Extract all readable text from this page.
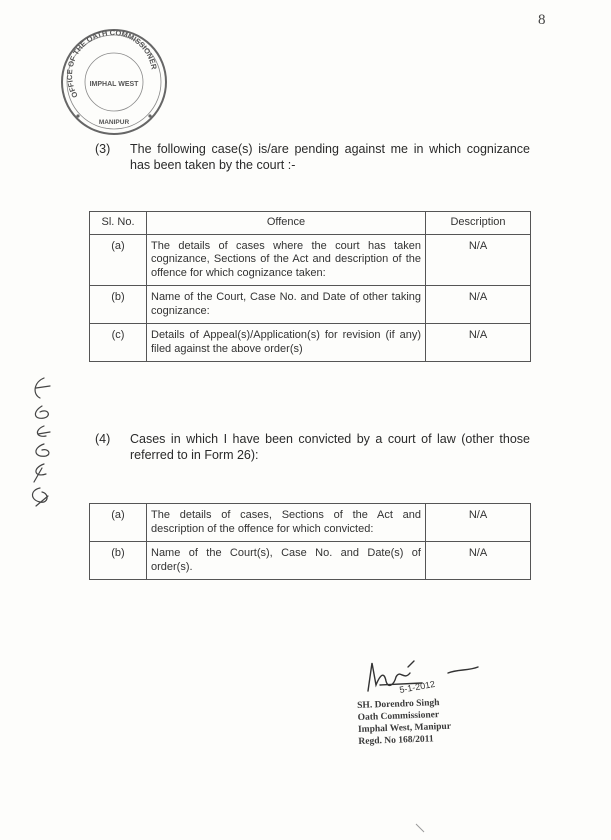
8
OFFICE OF THE OATH COMMISSIONER
IMPHAL WEST
MANIPUR
(3) The following case(s) is/are pending against me in which cognizance has been taken by the court :-
Sl. No.	Offence	Description
(a)	The details of cases where the court has taken cognizance, Sections of the Act and description of the offence for which cognizance taken:	N/A
(b)	Name of the Court, Case No. and Date of other taking cognizance:	N/A
(c)	Details of Appeal(s)/Application(s) for revision (if any) filed against the above order(s)	N/A
(4) Cases in which I have been convicted by a court of law (other those referred to in Form 26):
(a)	The details of cases, Sections of the Act and description of the offence for which convicted:	N/A
(b)	Name of the Court(s), Case No. and Date(s) of order(s).	N/A
5-1-2012
SH. Dorendro Singh
Oath Commissioner
Imphal West, Manipur
Regd. No 168/2011
